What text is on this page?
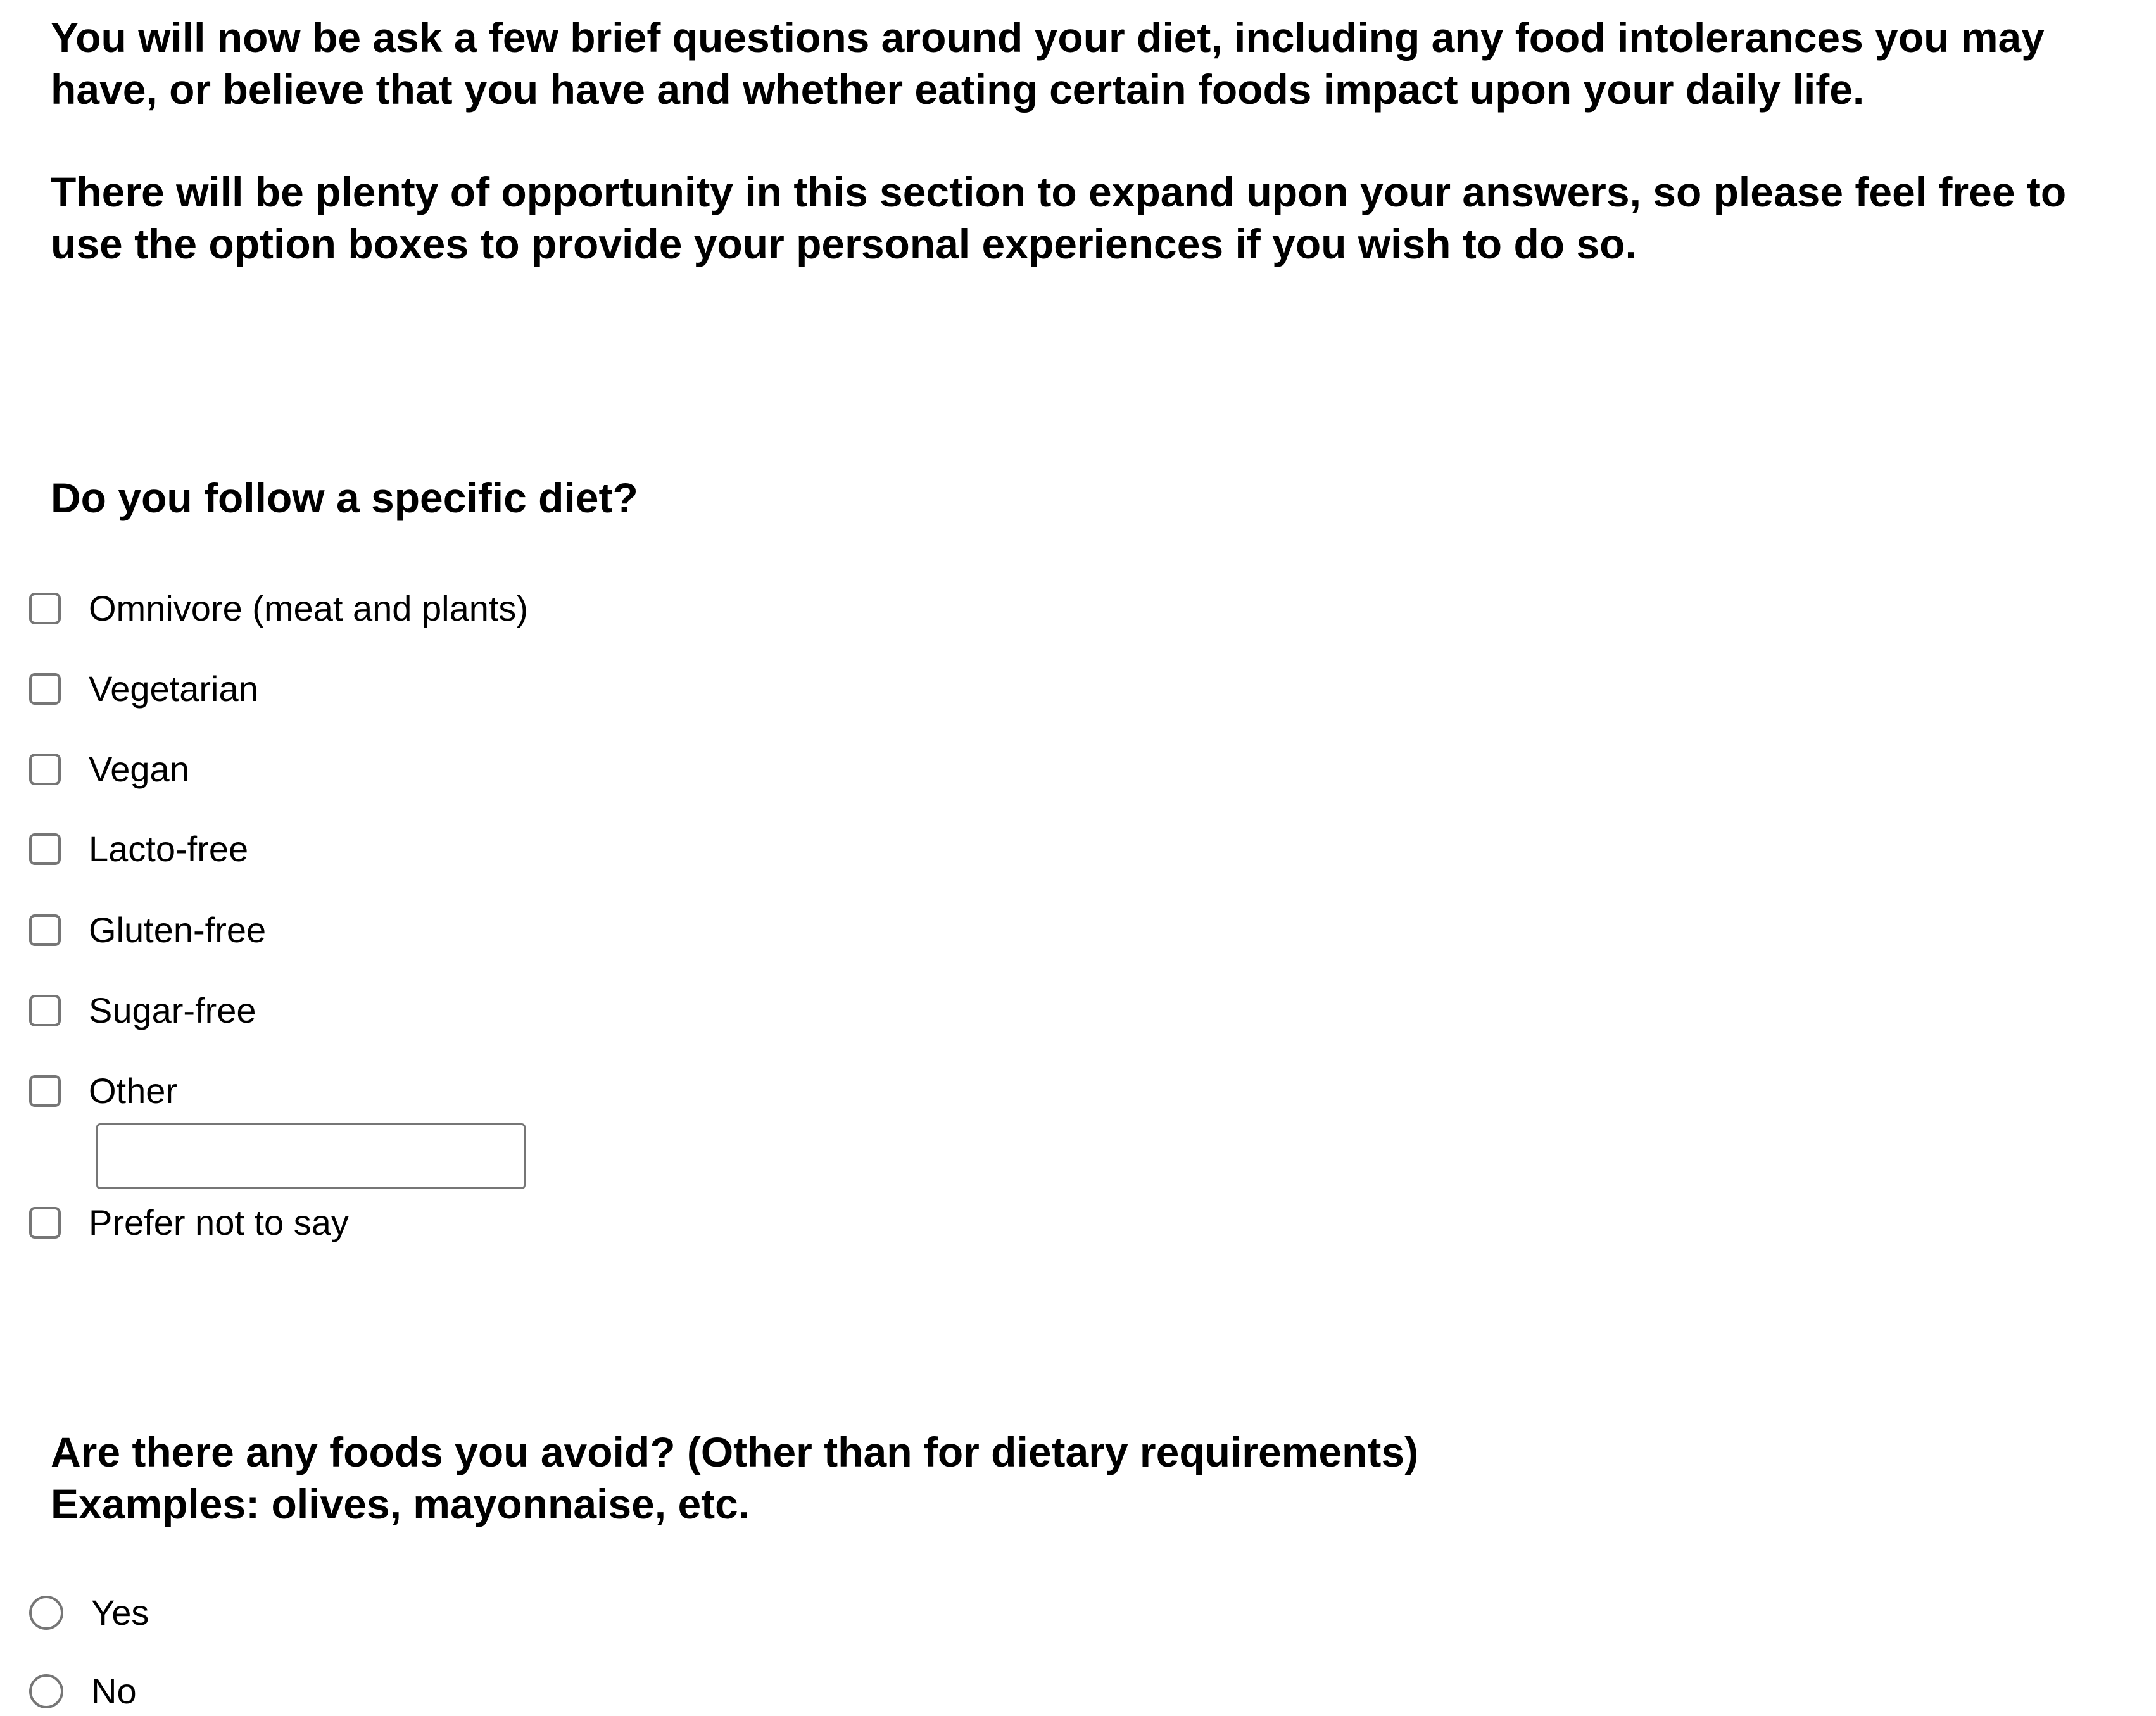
You will now be ask a few brief questions around your diet, including any food intolerances you may have, or believe that you have and whether eating certain foods impact upon your daily life.

There will be plenty of opportunity in this section to expand upon your answers, so please feel free to use the option boxes to provide your personal experiences if you wish to do so.

Do you follow a specific diet?
Omnivore (meat and plants)
Vegetarian
Vegan
Lacto-free
Gluten-free
Sugar-free
Other
Prefer not to say
Are there any foods you avoid? (Other than for dietary requirements)
Examples: olives, mayonnaise, etc.
Yes
No
